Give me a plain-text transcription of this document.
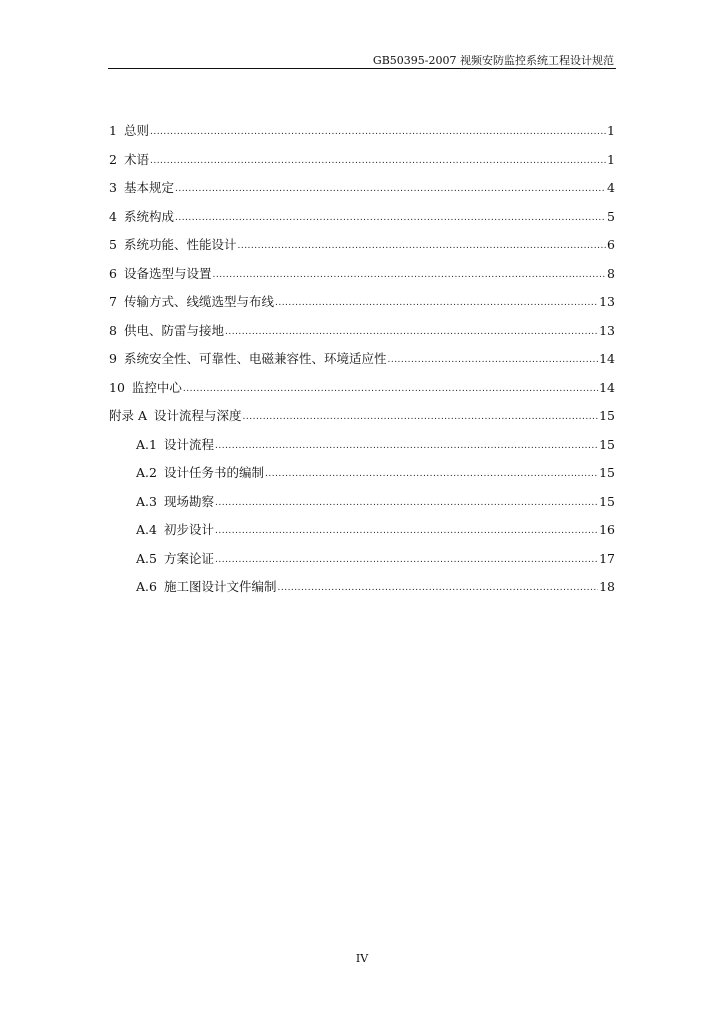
GB50395-2007 视频安防监控系统工程设计规范
1 总则 .....	1
2 术语 .....	1
3 基本规定 .....	4
4 系统构成 .....	5
5 系统功能、性能设计 .....	6
6 设备选型与设置 .....	8
7 传输方式、线缆选型与布线 .....	13
8 供电、防雷与接地 .....	13
9 系统安全性、可靠性、电磁兼容性、环境适应性 .....	14
10 监控中心 .....	14
附录 A 设计流程与深度 .....	15
A.1 设计流程 .....	15
A.2 设计任务书的编制 .....	15
A.3 现场勘察 .....	15
A.4 初步设计 .....	16
A.5 方案论证 .....	17
A.6 施工图设计文件编制 .....	18
IV
